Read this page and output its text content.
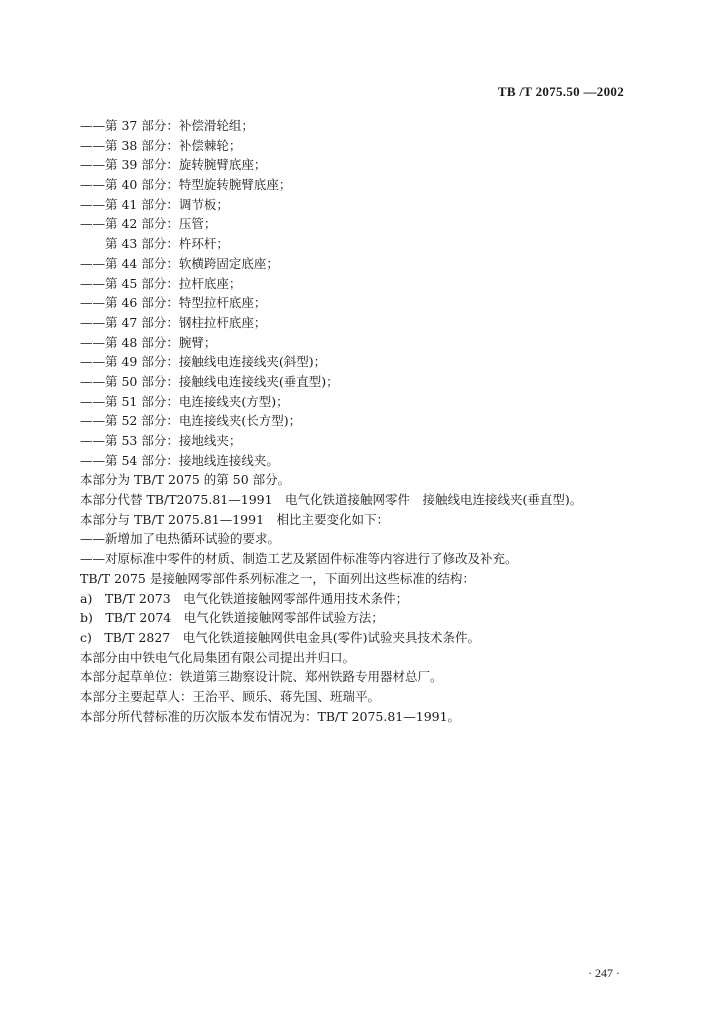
TB /T 2075.50 —2002
——第 37 部分：补偿滑轮组；
——第 38 部分：补偿棘轮；
——第 39 部分：旋转腕臂底座；
——第 40 部分：特型旋转腕臂底座；
——第 41 部分：调节板；
——第 42 部分：压管；
　　第 43 部分：杵环杆；
——第 44 部分：软横跨固定底座；
——第 45 部分：拉杆底座；
——第 46 部分：特型拉杆底座；
——第 47 部分：钢柱拉杆底座；
——第 48 部分：腕臂；
——第 49 部分：接触线电连接线夹(斜型)；
——第 50 部分：接触线电连接线夹(垂直型)；
——第 51 部分：电连接线夹(方型)；
——第 52 部分：电连接线夹(长方型)；
——第 53 部分：接地线夹；
——第 54 部分：接地线连接线夹。
本部分为 TB/T 2075 的第 50 部分。
本部分代替 TB/T2075.81—1991　电气化铁道接触网零件　接触线电连接线夹(垂直型)。
本部分与 TB/T 2075.81—1991　相比主要变化如下：
——新增加了电热循环试验的要求。
——对原标准中零件的材质、制造工艺及紧固件标准等内容进行了修改及补充。
TB/T 2075 是接触网零部件系列标准之一，下面列出这些标准的结构：
a)　TB/T 2073　电气化铁道接触网零部件通用技术条件；
b)　TB/T 2074　电气化铁道接触网零部件试验方法；
c)　TB/T 2827　电气化铁道接触网供电金具(零件)试验夹具技术条件。
本部分由中铁电气化局集团有限公司提出并归口。
本部分起草单位：铁道第三勘察设计院、郑州铁路专用器材总厂。
本部分主要起草人：王治平、顾乐、蒋先国、班瑞平。
本部分所代替标准的历次版本发布情况为：TB/T 2075.81—1991。
· 247 ·
